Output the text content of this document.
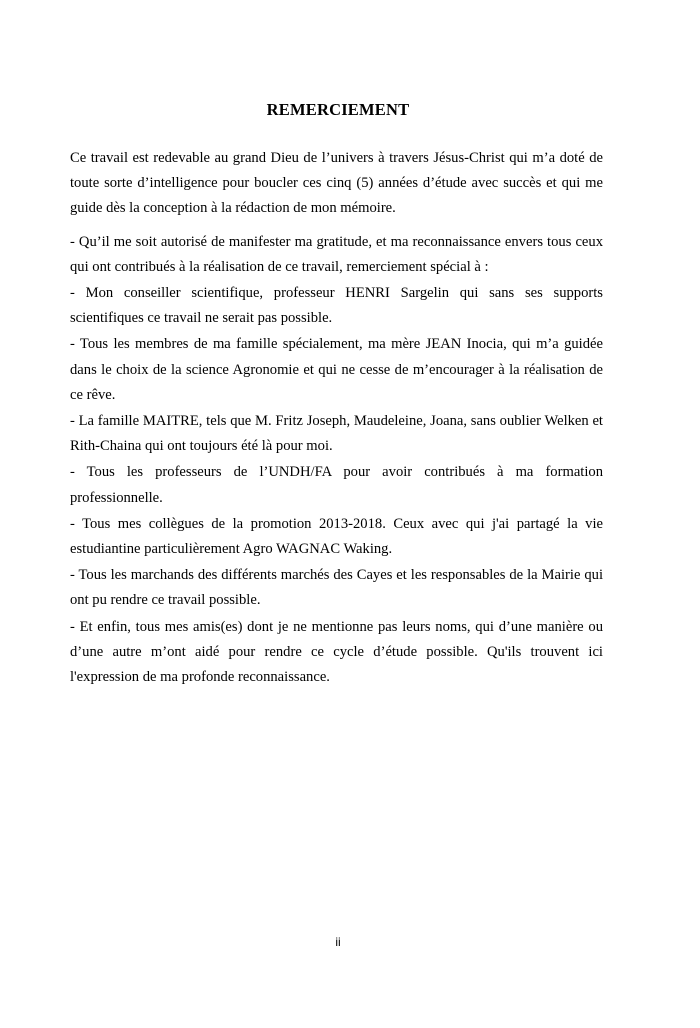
REMERCIEMENT

Ce travail est redevable au grand Dieu de l’univers à travers Jésus-Christ qui m’a doté de toute sorte d’intelligence pour boucler ces cinq (5) années d’étude avec succès et qui me guide dès la conception à la rédaction de mon mémoire.

- Qu’il me soit autorisé de manifester ma gratitude, et ma reconnaissance envers tous ceux qui ont contribués à la réalisation de ce travail, remerciement spécial à :

- Mon conseiller scientifique, professeur HENRI Sargelin qui sans ses supports scientifiques ce travail ne serait pas possible.

- Tous les membres de ma famille spécialement, ma mère JEAN Inocia, qui m’a guidée dans le choix de la science Agronomie et qui ne cesse de m’encourager à la réalisation de ce rêve.

- La famille MAITRE, tels que M. Fritz Joseph, Maudeleine, Joana, sans oublier Welken et Rith-Chaina qui ont toujours été là pour moi.

- Tous les professeurs de l’UNDH/FA pour avoir contribués à ma formation professionnelle.

- Tous mes collègues de la promotion 2013-2018. Ceux avec qui j'ai partagé la vie estudiantine particulièrement Agro WAGNAC Waking.

- Tous les marchands des différents marchés des Cayes et les responsables de la Mairie qui ont pu rendre ce travail possible.

- Et enfin, tous mes amis(es) dont je ne mentionne pas leurs noms, qui d’une manière ou d’une autre m’ont aidé pour rendre ce cycle d’étude possible. Qu'ils trouvent ici l'expression de ma profonde reconnaissance.

ii
